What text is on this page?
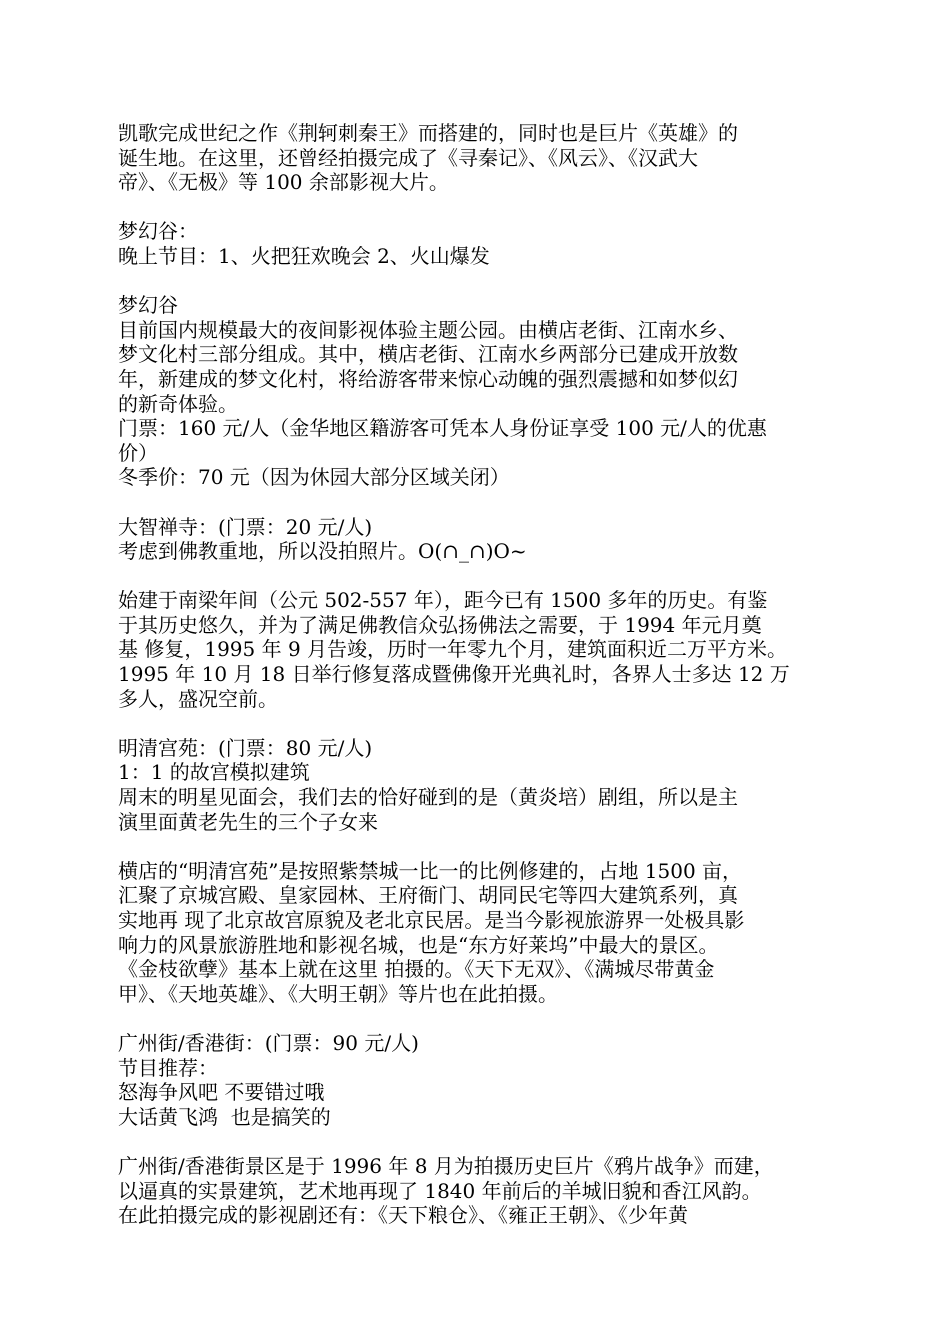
凯歌完成世纪之作《荆轲刺秦王》而搭建的，同时也是巨片《英雄》的

诞生地。在这里，还曾经拍摄完成了《寻秦记》、《风云》、《汉武大

帝》、《无极》等 100 余部影视大片。

梦幻谷：

晚上节目：1、火把狂欢晚会 2、火山爆发

梦幻谷

目前国内规模最大的夜间影视体验主题公园。由横店老街、江南水乡、

梦文化村三部分组成。其中，横店老街、江南水乡两部分已建成开放数

年，新建成的梦文化村，将给游客带来惊心动魄的强烈震撼和如梦似幻

的新奇体验。

门票：160 元/人（金华地区籍游客可凭本人身份证享受 100 元/人的优惠

价）

冬季价：70 元（因为休园大部分区域关闭）

大智禅寺：(门票：20 元/人)

考虑到佛教重地，所以没拍照片。O(∩_∩)O~

始建于南梁年间（公元 502-557 年），距今已有 1500 多年的历史。有鉴

于其历史悠久，并为了满足佛教信众弘扬佛法之需要，于 1994 年元月奠

基 修复，1995 年 9 月告竣，历时一年零九个月，建筑面积近二万平方米。

1995 年 10 月 18 日举行修复落成暨佛像开光典礼时，各界人士多达 12 万

多人，盛况空前。

明清宫苑：(门票：80 元/人)

1：1 的故宫模拟建筑

周末的明星见面会，我们去的恰好碰到的是（黄炎培）剧组，所以是主

演里面黄老先生的三个子女来

横店的“明清宫苑”是按照紫禁城一比一的比例修建的，占地 1500 亩，

汇聚了京城宫殿、皇家园林、王府衙门、胡同民宅等四大建筑系列，真

实地再 现了北京故宫原貌及老北京民居。是当今影视旅游界一处极具影

响力的风景旅游胜地和影视名城，也是“东方好莱坞”中最大的景区。

《金枝欲孽》基本上就在这里 拍摄的。《天下无双》、《满城尽带黄金

甲》、《天地英雄》、《大明王朝》等片也在此拍摄。

广州街/香港街：(门票：90 元/人)

节目推荐：

怒海争风吧 不要错过哦

大话黄飞鸿  也是搞笑的

广州街/香港街景区是于 1996 年 8 月为拍摄历史巨片《鸦片战争》而建，

以逼真的实景建筑，艺术地再现了 1840 年前后的羊城旧貌和香江风韵。

在此拍摄完成的影视剧还有：《天下粮仓》、《雍正王朝》、《少年黄
